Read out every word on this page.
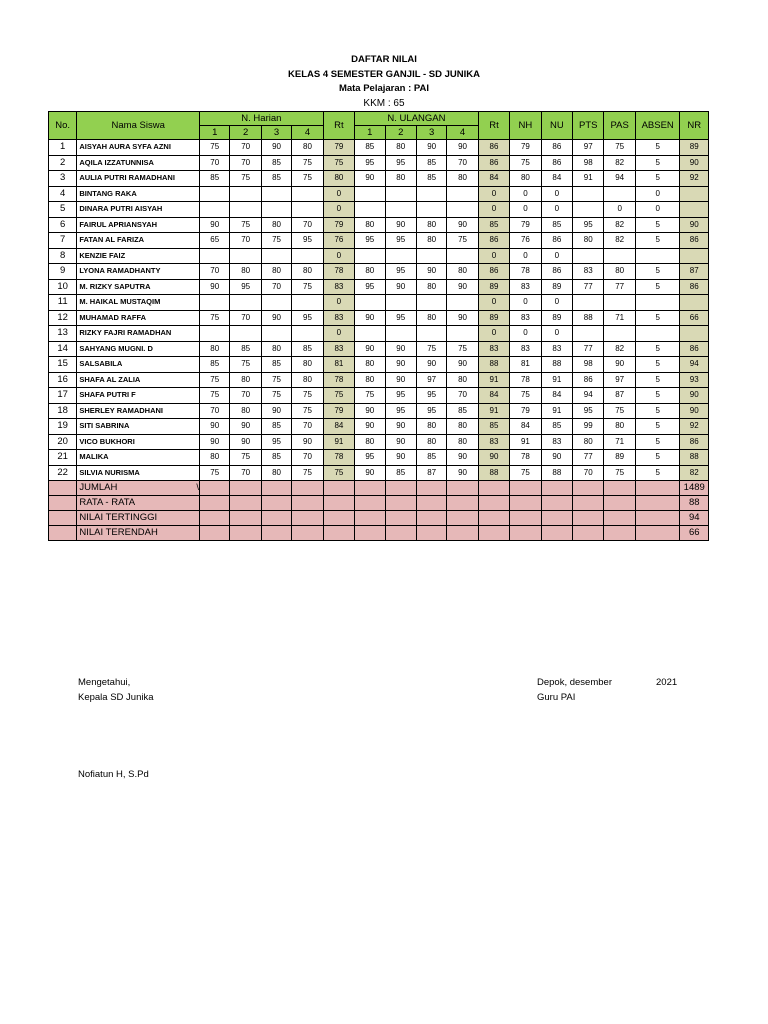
DAFTAR NILAI
KELAS 4 SEMESTER GANJIL - SD JUNIKA
Mata Pelajaran : PAI
KKM : 65
No.	Nama Siswa	N. Harian				Rt	N. ULANGAN				Rt	NH	NU	PTS	PAS	ABSEN	NR
		1	2	3	4		1	2	3	4							
1	AISYAH AURA SYFA AZNI	75	70	90	80	79	85	80	90	90	86	79	86	97	75	5	89
2	AQILA IZZATUNNISA	70	70	85	75	75	95	95	85	70	86	75	86	98	82	5	90
3	AULIA PUTRI RAMADHANI	85	75	85	75	80	90	80	85	80	84	80	84	91	94	5	92
4	BINTANG RAKA					0					0	0	0			0	
5	DINARA PUTRI AISYAH					0					0	0	0		0	0	
6	FAIRUL APRIANSYAH	90	75	80	70	79	80	90	80	90	85	79	85	95	82	5	90
7	FATAN AL FARIZA	65	70	75	95	76	95	95	80	75	86	76	86	80	82	5	86
8	KENZIE FAIZ					0					0	0	0				
9	LYONA RAMADHANTY	70	80	80	80	78	80	95	90	80	86	78	86	83	80	5	87
10	M. RIZKY SAPUTRA	90	95	70	75	83	95	90	80	90	89	83	89	77	77	5	86
11	M. HAIKAL MUSTAQIM					0					0	0	0				
12	MUHAMAD RAFFA	75	70	90	95	83	90	95	80	90	89	83	89	88	71	5	66
13	RIZKY FAJRI RAMADHAN					0					0	0	0				
14	SAHYANG MUGNI. D	80	85	80	85	83	90	90	75	75	83	83	83	77	82	5	86
15	SALSABILA	85	75	85	80	81	80	90	90	90	88	81	88	98	90	5	94
16	SHAFA AL ZALIA	75	80	75	80	78	80	90	97	80	91	78	91	86	97	5	93
17	SHAFA PUTRI F	75	70	75	75	75	75	95	95	70	84	75	84	94	87	5	90
18	SHERLEY RAMADHANI	70	80	90	75	79	90	95	95	85	91	79	91	95	75	5	90
19	SITI SABRINA	90	90	85	70	84	90	90	80	80	85	84	85	99	80	5	92
20	VICO BUKHORI	90	90	95	90	91	80	90	80	80	83	91	83	80	71	5	86
21	MALIKA	80	75	85	70	78	95	90	85	90	90	78	90	77	89	5	88
22	SILVIA NURISMA	75	70	80	75	75	90	85	87	90	88	75	88	70	75	5	82
	JUMLAH \																1489
	RATA - RATA																88
	NILAI TERTINGGI																94
	NILAI TERENDAH																66
Mengetahui,
Kepala SD Junika
Nofiatun H, S.Pd
Depok, desember	2021
Guru PAI
